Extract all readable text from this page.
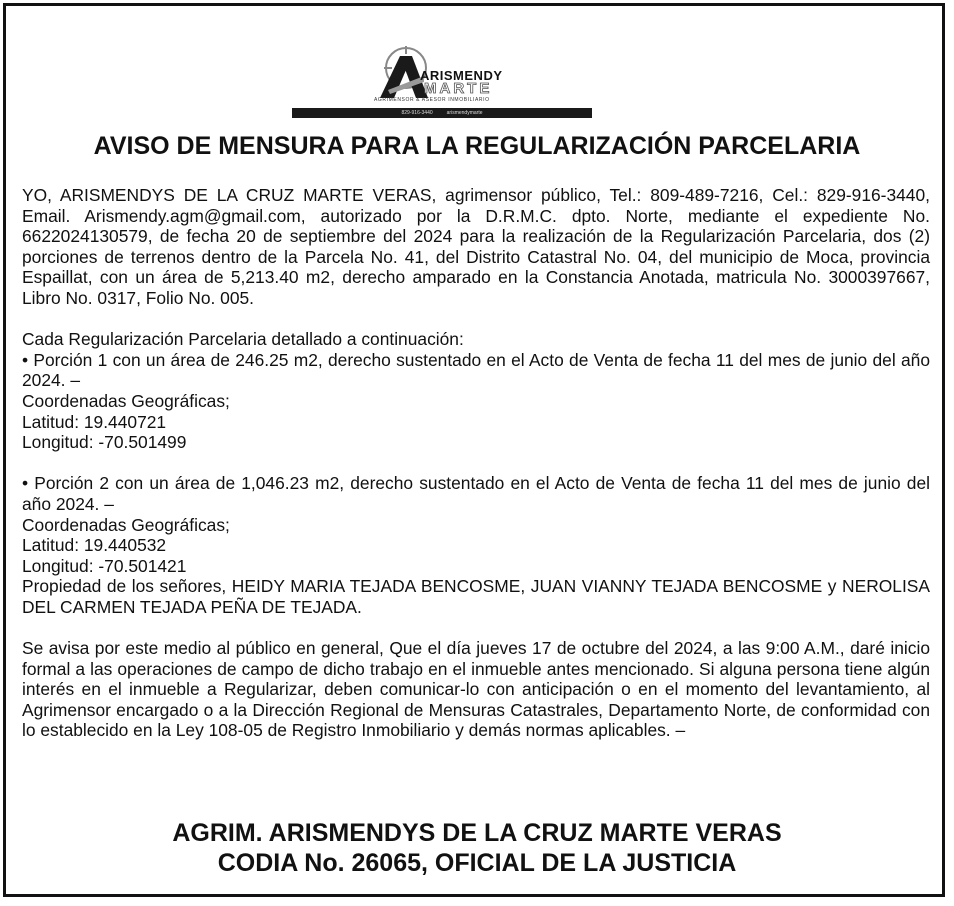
ARISMENDY
MARTE
AGRIMENSOR & ASESOR INMOBILIARIO
829-916-3440	arismendymarte
AVISO DE MENSURA PARA LA REGULARIZACIÓN PARCELARIA

YO, ARISMENDYS DE LA CRUZ MARTE VERAS, agrimensor público, Tel.: 809-489-7216, Cel.: 829-916-3440, Email. Arismendy.agm@gmail.com, autorizado por la D.R.M.C. dpto. Norte, mediante el expediente No. 6622024130579, de fecha 20 de septiembre del 2024 para la realización de la Regularización Parcelaria, dos (2) porciones de terrenos dentro de la Parcela No. 41, del Distrito Catastral No. 04, del municipio de Moca, provincia Espaillat, con un área de 5,213.40 m2, derecho amparado en la Constancia Anotada, matricula No. 3000397667, Libro No. 0317, Folio No. 005.

Cada Regularización Parcelaria detallado a continuación:

• Porción 1 con un área de 246.25 m2, derecho sustentado en el Acto de Venta de fecha 11 del mes de junio del año 2024. –

Coordenadas Geográficas;

Latitud: 19.440721

Longitud: -70.501499

• Porción 2 con un área de 1,046.23 m2, derecho sustentado en el Acto de Venta de fecha 11 del mes de junio del año 2024. –

Coordenadas Geográficas;

Latitud: 19.440532

Longitud: -70.501421

Propiedad de los señores, HEIDY MARIA TEJADA BENCOSME, JUAN VIANNY TEJADA BENCOSME y NEROLISA DEL CARMEN TEJADA PEÑA DE TEJADA.

Se avisa por este medio al público en general, Que el día jueves 17 de octubre del 2024, a las 9:00 A.M., daré inicio formal a las operaciones de campo de dicho trabajo en el inmueble antes mencionado. Si alguna persona tiene algún interés en el inmueble a Regularizar, deben comunicar-lo con anticipación o en el momento del levantamiento, al Agrimensor encargado o a la Dirección Regional de Mensuras Catastrales, Departamento Norte, de conformidad con lo establecido en la Ley 108-05 de Registro Inmobiliario y demás normas aplicables. –

AGRIM. ARISMENDYS DE LA CRUZ MARTE VERAS
CODIA No. 26065, OFICIAL DE LA JUSTICIA
